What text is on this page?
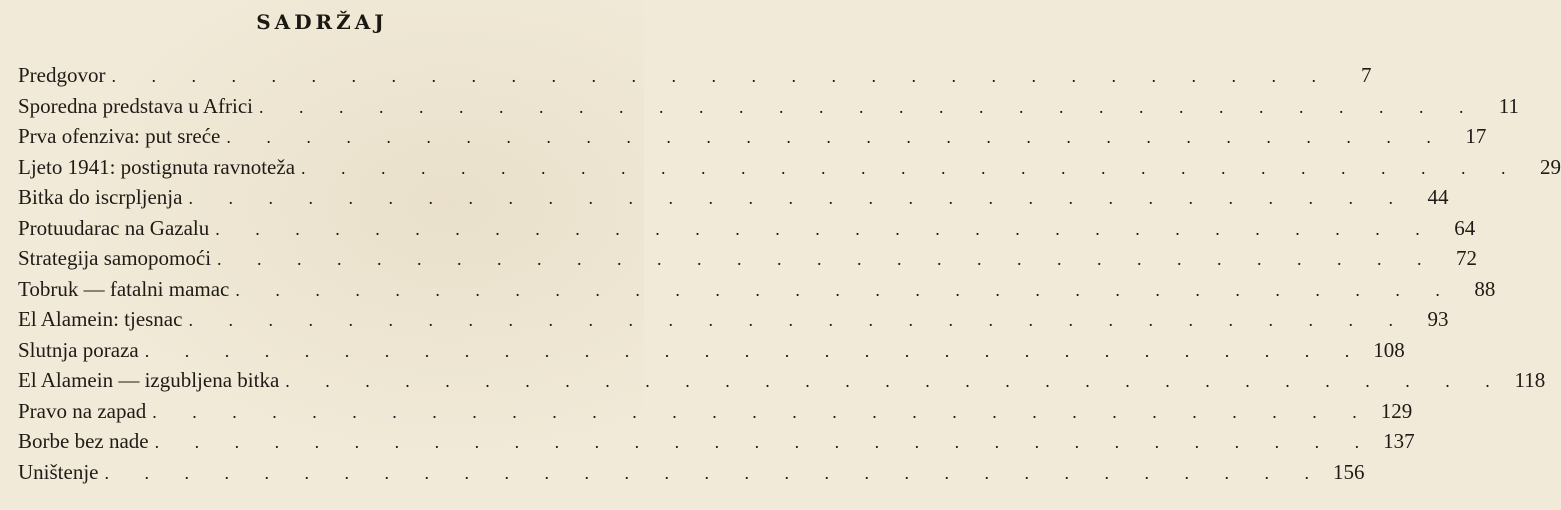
SADRŽAJ
Predgovor . . . . . . . . . . . . . . . . . . . . . . . . . . . . . . .	7
Sporedna predstava u Africi . . . . . . . . . . . . . . . . . . . . . . . . . . . . . . . 11
Prva ofenziva: put sreće . . . . . . . . . . . . . . . . . . . . . . . . . . . . . . . 17
Ljeto 1941: postignuta ravnoteža . . . . . . . . . . . . . . . . . . . . . . . . . . . . . . . 29
Bitka do iscrpljenja . . . . . . . . . . . . . . . . . . . . . . . . . . . . . . . 44
Protuudarac na Gazalu . . . . . . . . . . . . . . . . . . . . . . . . . . . . . . . 64
Strategija samopomoći . . . . . . . . . . . . . . . . . . . . . . . . . . . . . . . 72
Tobruk — fatalni mamac . . . . . . . . . . . . . . . . . . . . . . . . . . . . . . . 88
El Alamein: tjesnac . . . . . . . . . . . . . . . . . . . . . . . . . . . . . . . 93
Slutnja poraza . . . . . . . . . . . . . . . . . . . . . . . . . . . . . . . 108
El Alamein — izgubljena bitka . . . . . . . . . . . . . . . . . . . . . . . . . . . . . . . 118
Pravo na zapad . . . . . . . . . . . . . . . . . . . . . . . . . . . . . . . 129
Borbe bez nade . . . . . . . . . . . . . . . . . . . . . . . . . . . . . . . 137
Uništenje . . . . . . . . . . . . . . . . . . . . . . . . . . . . . . . 156
